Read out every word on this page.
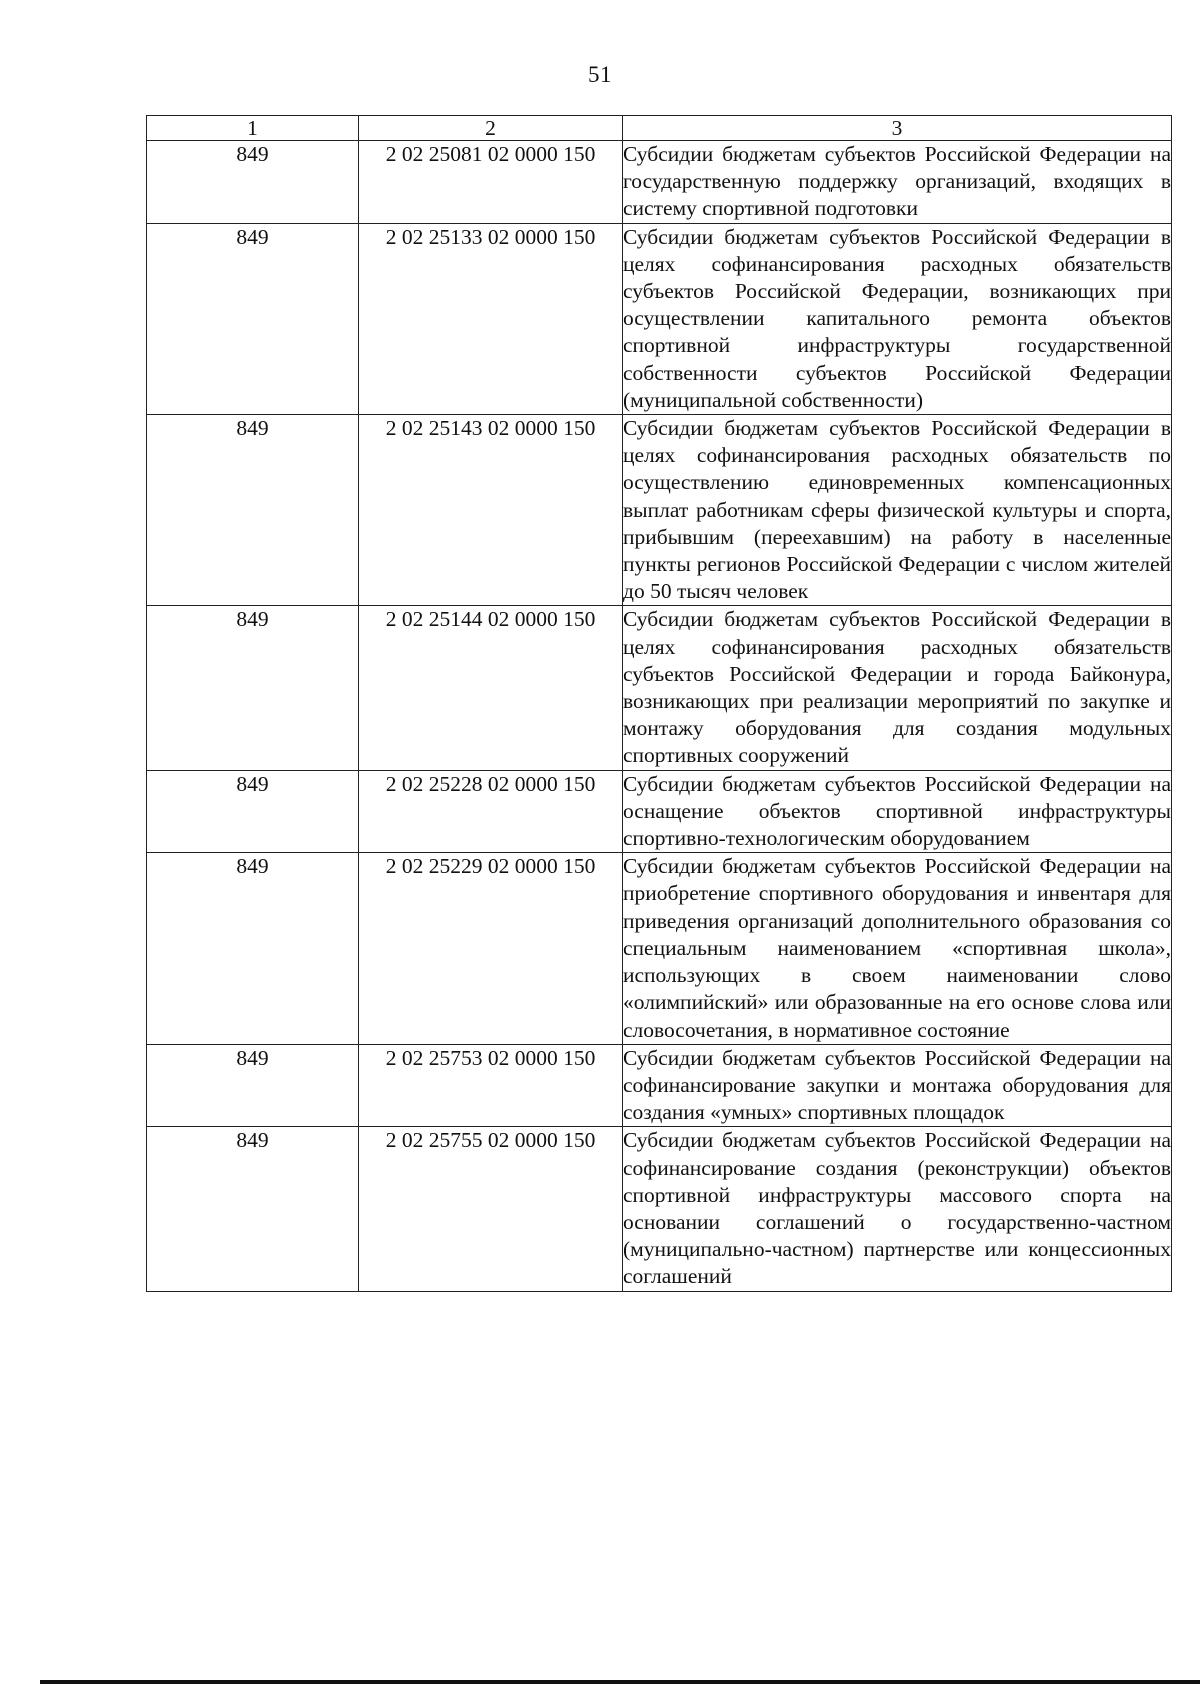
51
1	2	3
849	2 02 25081 02 0000 150	Субсидии бюджетам субъектов Российской Федерации на государственную поддержку организаций, входящих в систему спортивной подготовки
849	2 02 25133 02 0000 150	Субсидии бюджетам субъектов Российской Федерации в целях софинансирования расходных обязательств субъектов Российской Федерации, возникающих при осуществлении капитального ремонта объектов спортивной инфраструктуры государственной собственности субъектов Российской Федерации (муниципальной собственности)
849	2 02 25143 02 0000 150	Субсидии бюджетам субъектов Российской Федерации в целях софинансирования расходных обязательств по осуществлению единовременных компенсационных выплат работникам сферы физической культуры и спорта, прибывшим (переехавшим) на работу в населенные пункты регионов Российской Федерации с числом жителей до 50 тысяч человек
849	2 02 25144 02 0000 150	Субсидии бюджетам субъектов Российской Федерации в целях софинансирования расходных обязательств субъектов Российской Федерации и города Байконура, возникающих при реализации мероприятий по закупке и монтажу оборудования для создания модульных спортивных сооружений
849	2 02 25228 02 0000 150	Субсидии бюджетам субъектов Российской Федерации на оснащение объектов спортивной инфраструктуры спортивно-технологическим оборудованием
849	2 02 25229 02 0000 150	Субсидии бюджетам субъектов Российской Федерации на приобретение спортивного оборудования и инвентаря для приведения организаций дополнительного образования со специальным наименованием «спортивная школа», использующих в своем наименовании слово «олимпийский» или образованные на его основе слова или словосочетания, в нормативное состояние
849	2 02 25753 02 0000 150	Субсидии бюджетам субъектов Российской Федерации на софинансирование закупки и монтажа оборудования для создания «умных» спортивных площадок
849	2 02 25755 02 0000 150	Субсидии бюджетам субъектов Российской Федерации на софинансирование создания (реконструкции) объектов спортивной инфраструктуры массового спорта на основании соглашений о государственно-частном (муниципально-частном) партнерстве или концессионных соглашений
